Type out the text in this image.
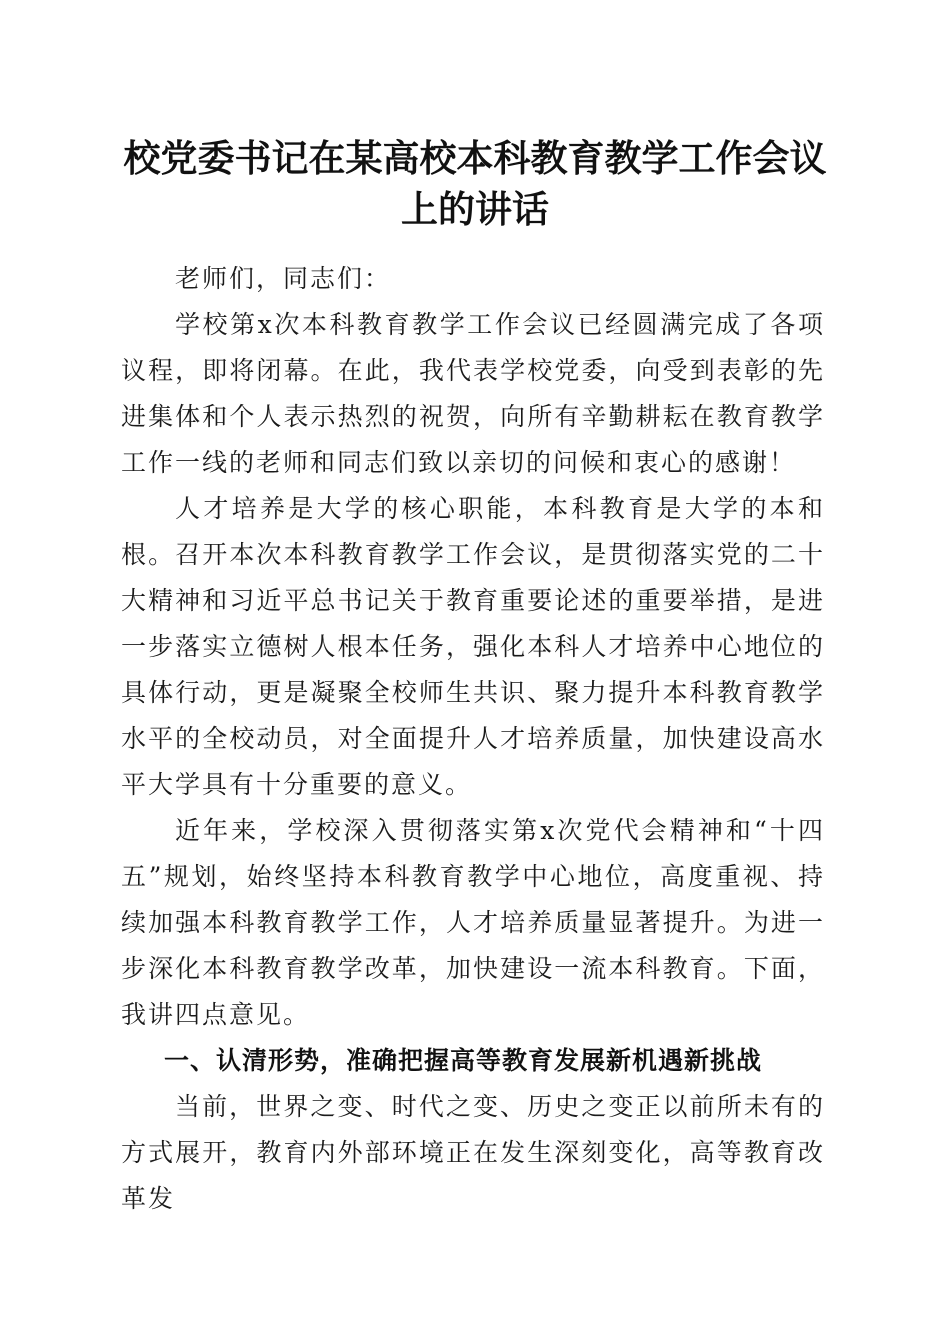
校党委书记在某高校本科教育教学工作会议上的讲话

老师们，同志们：

学校第x次本科教育教学工作会议已经圆满完成了各项议程，即将闭幕。在此，我代表学校党委，向受到表彰的先进集体和个人表示热烈的祝贺，向所有辛勤耕耘在教育教学工作一线的老师和同志们致以亲切的问候和衷心的感谢！

人才培养是大学的核心职能，本科教育是大学的本和根。召开本次本科教育教学工作会议，是贯彻落实党的二十大精神和习近平总书记关于教育重要论述的重要举措，是进一步落实立德树人根本任务，强化本科人才培养中心地位的具体行动，更是凝聚全校师生共识、聚力提升本科教育教学水平的全校动员，对全面提升人才培养质量，加快建设高水平大学具有十分重要的意义。

近年来，学校深入贯彻落实第x次党代会精神和“十四五”规划，始终坚持本科教育教学中心地位，高度重视、持续加强本科教育教学工作，人才培养质量显著提升。为进一步深化本科教育教学改革，加快建设一流本科教育。下面，我讲四点意见。

一、认清形势，准确把握高等教育发展新机遇新挑战

当前，世界之变、时代之变、历史之变正以前所未有的方式展开，教育内外部环境正在发生深刻变化，高等教育改革发
